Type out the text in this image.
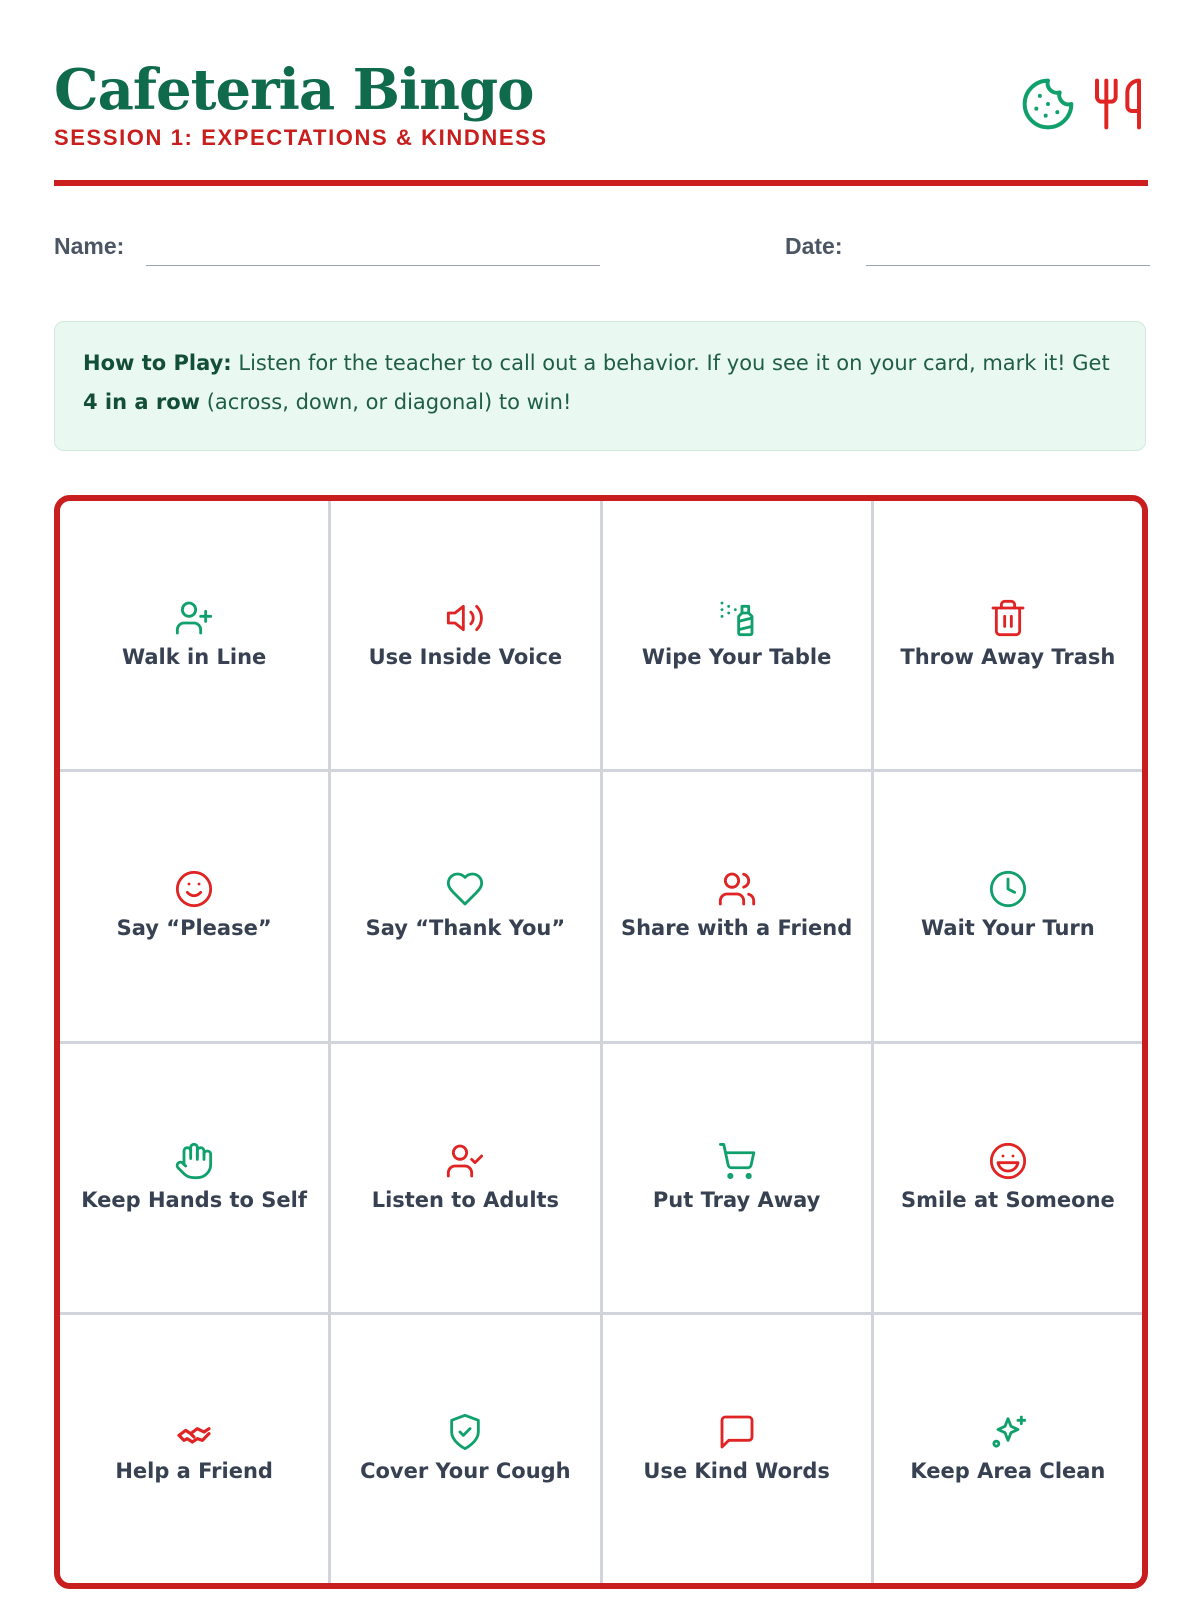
Cafeteria Bingo
SESSION 1: EXPECTATIONS & KINDNESS
Name:	Date:
How to Play: Listen for the teacher to call out a behavior. If you see it on your card, mark it! Get 4 in a row (across, down, or diagonal) to win!
Walk in Line	Use Inside Voice	Wipe Your Table	Throw Away Trash
Say “Please”	Say “Thank You”	Share with a Friend	Wait Your Turn
Keep Hands to Self	Listen to Adults	Put Tray Away	Smile at Someone
Help a Friend	Cover Your Cough	Use Kind Words	Keep Area Clean
